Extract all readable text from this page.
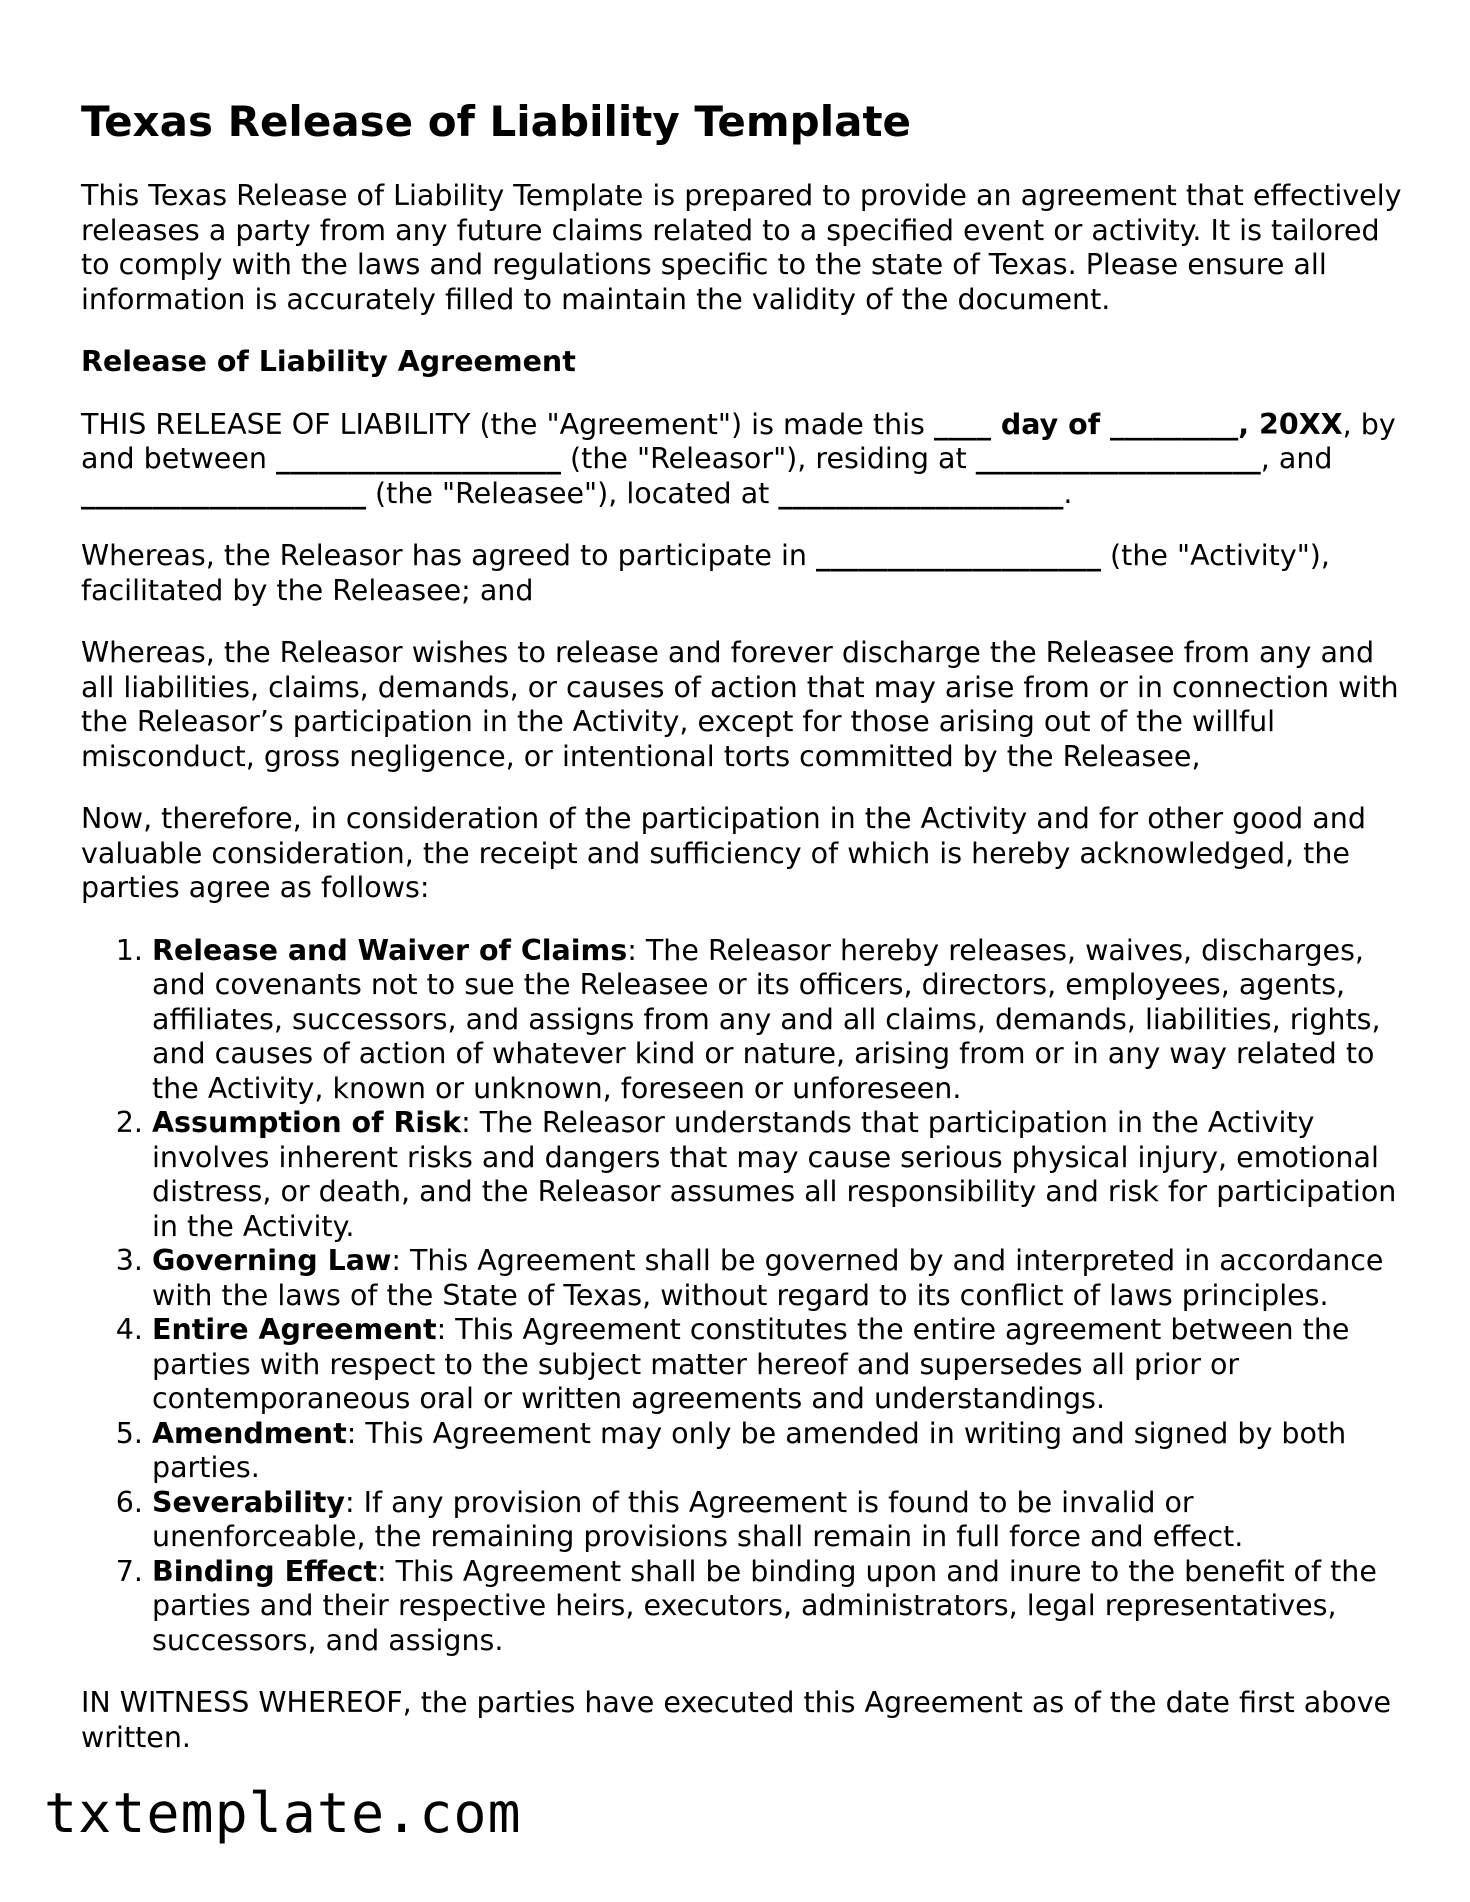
Texas Release of Liability Template

This Texas Release of Liability Template is prepared to provide an agreement that effectively releases a party from any future claims related to a specified event or activity. It is tailored to comply with the laws and regulations specific to the state of Texas. Please ensure all information is accurately filled to maintain the validity of the document.

Release of Liability Agreement

THIS RELEASE OF LIABILITY (the "Agreement") is made this ____ day of _________, 20XX, by and between ____________________ (the "Releasor"), residing at ____________________, and ____________________ (the "Releasee"), located at ____________________.

Whereas, the Releasor has agreed to participate in ____________________ (the "Activity"), facilitated by the Releasee; and

Whereas, the Releasor wishes to release and forever discharge the Releasee from any and all liabilities, claims, demands, or causes of action that may arise from or in connection with the Releasor’s participation in the Activity, except for those arising out of the willful misconduct, gross negligence, or intentional torts committed by the Releasee,

Now, therefore, in consideration of the participation in the Activity and for other good and valuable consideration, the receipt and sufficiency of which is hereby acknowledged, the parties agree as follows:

1. Release and Waiver of Claims: The Releasor hereby releases, waives, discharges, and covenants not to sue the Releasee or its officers, directors, employees, agents, affiliates, successors, and assigns from any and all claims, demands, liabilities, rights, and causes of action of whatever kind or nature, arising from or in any way related to the Activity, known or unknown, foreseen or unforeseen.
2. Assumption of Risk: The Releasor understands that participation in the Activity involves inherent risks and dangers that may cause serious physical injury, emotional distress, or death, and the Releasor assumes all responsibility and risk for participation in the Activity.
3. Governing Law: This Agreement shall be governed by and interpreted in accordance with the laws of the State of Texas, without regard to its conflict of laws principles.
4. Entire Agreement: This Agreement constitutes the entire agreement between the parties with respect to the subject matter hereof and supersedes all prior or contemporaneous oral or written agreements and understandings.
5. Amendment: This Agreement may only be amended in writing and signed by both parties.
6. Severability: If any provision of this Agreement is found to be invalid or unenforceable, the remaining provisions shall remain in full force and effect.
7. Binding Effect: This Agreement shall be binding upon and inure to the benefit of the parties and their respective heirs, executors, administrators, legal representatives, successors, and assigns.

IN WITNESS WHEREOF, the parties have executed this Agreement as of the date first above written.

txtemplate.com
